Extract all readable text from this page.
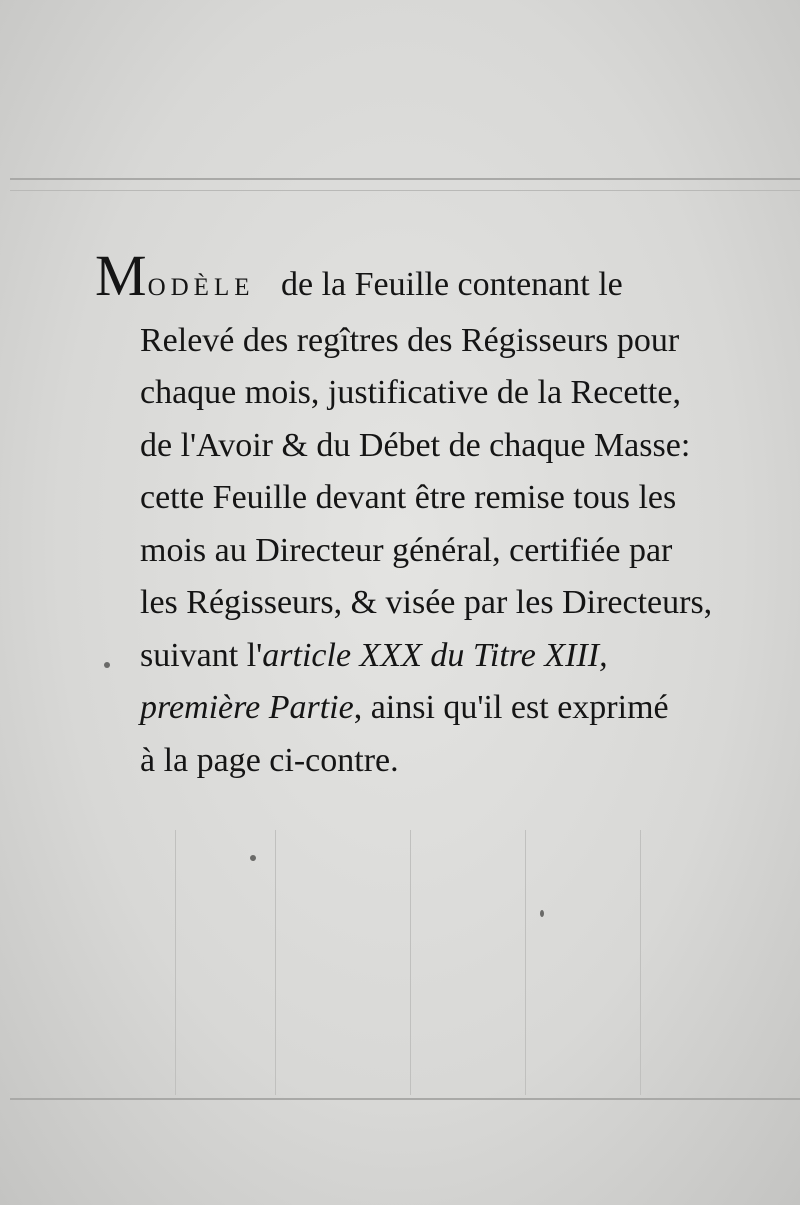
MODÈLE de la Feuille contenant le
Relevé des regîtres des Régisseurs pour
chaque mois, justificative de la Recette,
de l'Avoir & du Débet de chaque Masse:
cette Feuille devant être remise tous les
mois au Directeur général, certifiée par
les Régisseurs, & visée par les Directeurs,
suivant l'article XXX du Titre XIII,
première Partie, ainsi qu'il est exprimé
à la page ci-contre.
